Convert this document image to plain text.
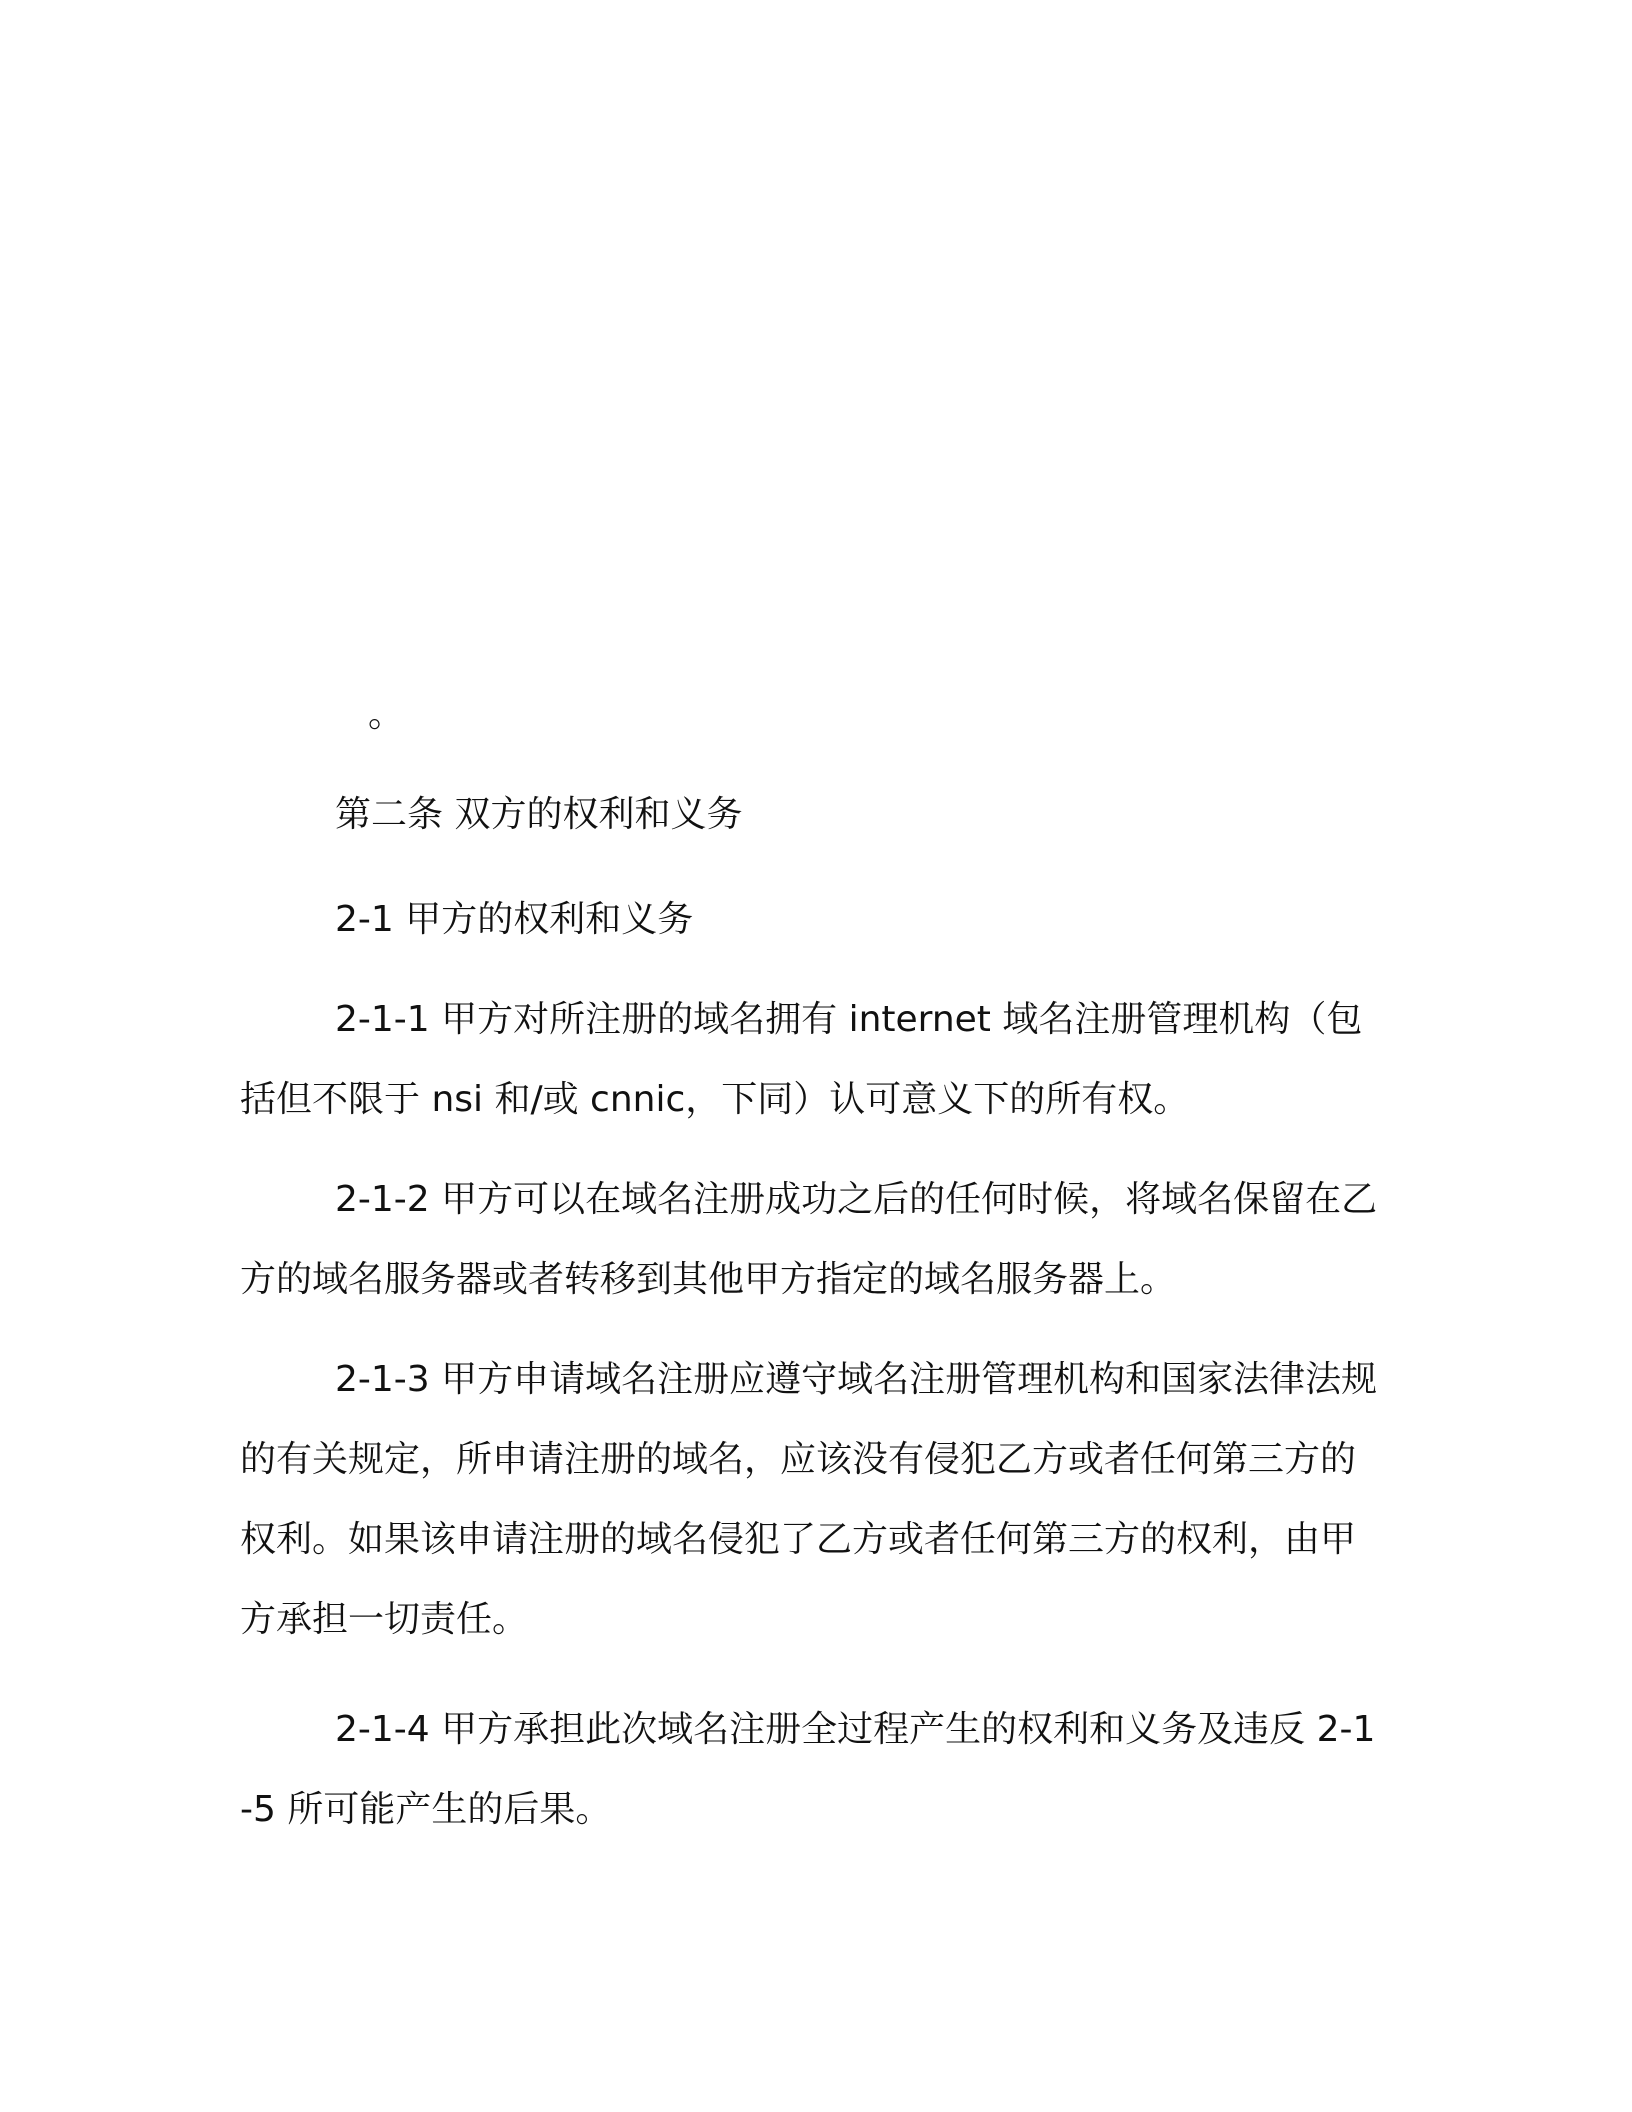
。
第二条 双方的权利和义务
2-1 甲方的权利和义务
2-1-1 甲方对所注册的域名拥有 internet 域名注册管理机构（包括但不限于 nsi 和/或 cnnic，下同）认可意义下的所有权。
2-1-2 甲方可以在域名注册成功之后的任何时候，将域名保留在乙方的域名服务器或者转移到其他甲方指定的域名服务器上。
2-1-3 甲方申请域名注册应遵守域名注册管理机构和国家法律法规的有关规定，所申请注册的域名，应该没有侵犯乙方或者任何第三方的权利。如果该申请注册的域名侵犯了乙方或者任何第三方的权利，由甲方承担一切责任。
2-1-4 甲方承担此次域名注册全过程产生的权利和义务及违反 2-1-5 所可能产生的后果。
